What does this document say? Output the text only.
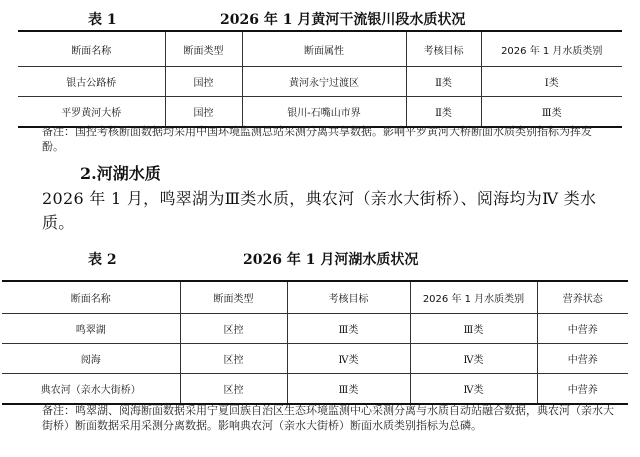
表 1	2026 年 1 月黄河干流银川段水质状况
断面名称	断面类型	断面属性	考核目标	2026 年 1 月水质类别
银古公路桥	国控	黄河永宁过渡区	Ⅱ类	Ⅰ类
平罗黄河大桥	国控	银川-石嘴山市界	Ⅱ类	Ⅲ类
备注：国控考核断面数据均采用中国环境监测总站采测分离共享数据。影响平罗黄河大桥断面水质类别指标为挥发酚。
2.河湖水质
2026 年 1 月，鸣翠湖为Ⅲ类水质，典农河（亲水大街桥）、阅海均为Ⅳ 类水质。
表 2	2026 年 1 月河湖水质状况
断面名称	断面类型	考核目标	2026 年 1 月水质类别	营养状态
鸣翠湖	区控	Ⅲ类	Ⅲ类	中营养
阅海	区控	Ⅳ类	Ⅳ类	中营养
典农河（亲水大街桥）	区控	Ⅲ类	Ⅳ类	中营养
备注：鸣翠湖、阅海断面数据采用宁夏回族自治区生态环境监测中心采测分离与水质自动站融合数据，典农河（亲水大街桥）断面数据采用采测分离数据。影响典农河（亲水大街桥）断面水质类别指标为总磷。
